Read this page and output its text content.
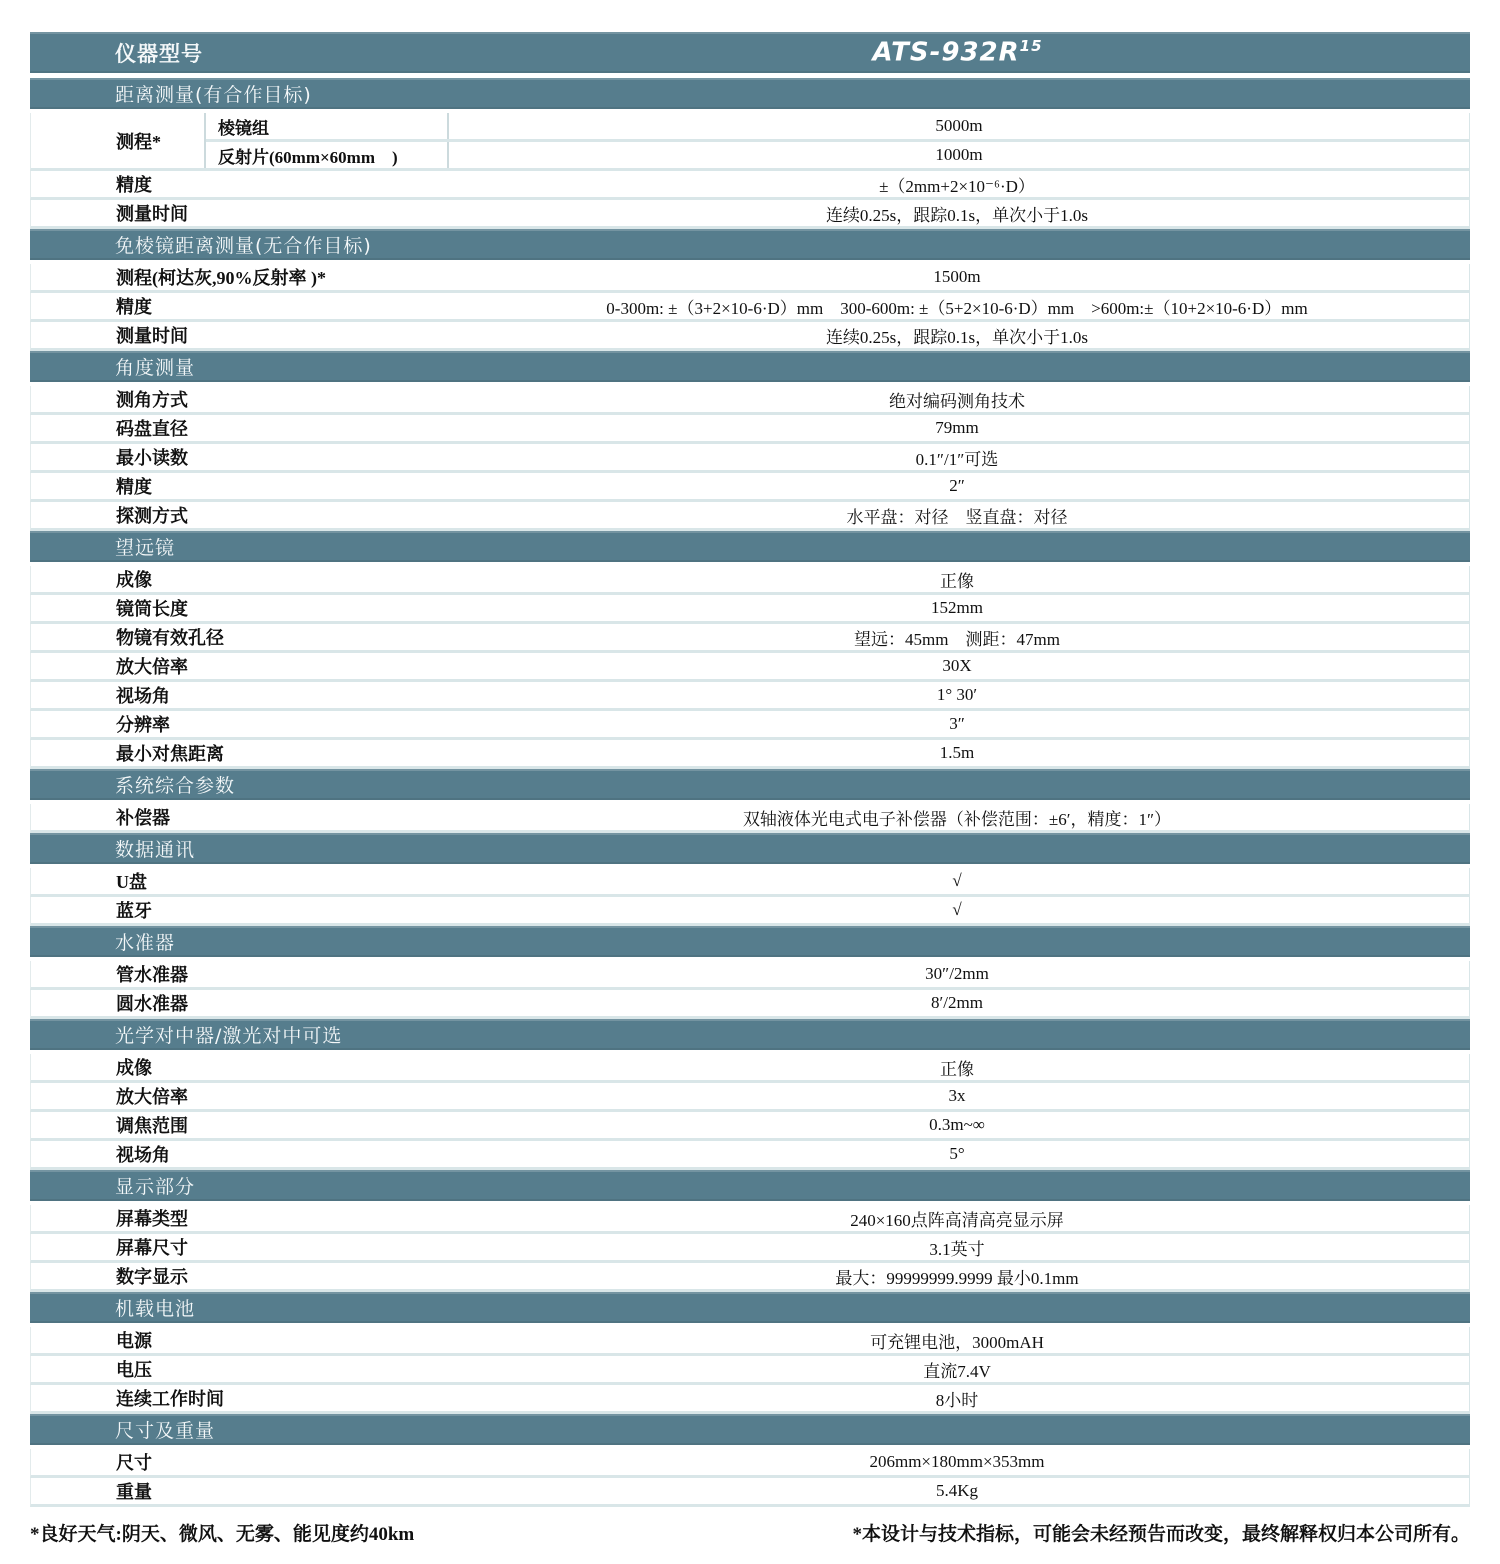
仪器型号	ATS-$932R^{15}$
距离测量(有合作目标)
测程*
棱镜组	5000m
反射片(60mm×60mm　)	1000m
精度	±（2mm+2×10⁻⁶·D）
测量时间	连续0.25s，跟踪0.1s，单次小于1.0s
免棱镜距离测量(无合作目标)
测程(柯达灰,90%反射率 )*	1500m
精度	0-300m: ±（3+2×10-6·D）mm　300-600m: ±（5+2×10-6·D）mm　>600m:±（10+2×10-6·D）mm
测量时间	连续0.25s，跟踪0.1s，单次小于1.0s
角度测量
测角方式	绝对编码测角技术
码盘直径	79mm
最小读数	0.1″/1″可选
精度	2″
探测方式	水平盘：对径　竖直盘：对径
望远镜
成像	正像
镜筒长度	152mm
物镜有效孔径	望远：45mm　测距：47mm
放大倍率	30X
视场角	1° 30′
分辨率	3″
最小对焦距离	1.5m
系统综合参数
补偿器	双轴液体光电式电子补偿器（补偿范围：±6′，精度：1″）
数据通讯
U盘	√
蓝牙	√
水准器
管水准器	30″/2mm
圆水准器	8′/2mm
光学对中器/激光对中可选
成像	正像
放大倍率	3x
调焦范围	0.3m~∞
视场角	5°
显示部分
屏幕类型	240×160点阵高清高亮显示屏
屏幕尺寸	3.1英寸
数字显示	最大：99999999.9999 最小0.1mm
机载电池
电源	可充锂电池，3000mAH
电压	直流7.4V
连续工作时间	8小时
尺寸及重量
尺寸	206mm×180mm×353mm
重量	5.4Kg
*良好天气:阴天、微风、无雾、能见度约40km	*本设计与技术指标，可能会未经预告而改变，最终解释权归本公司所有。
